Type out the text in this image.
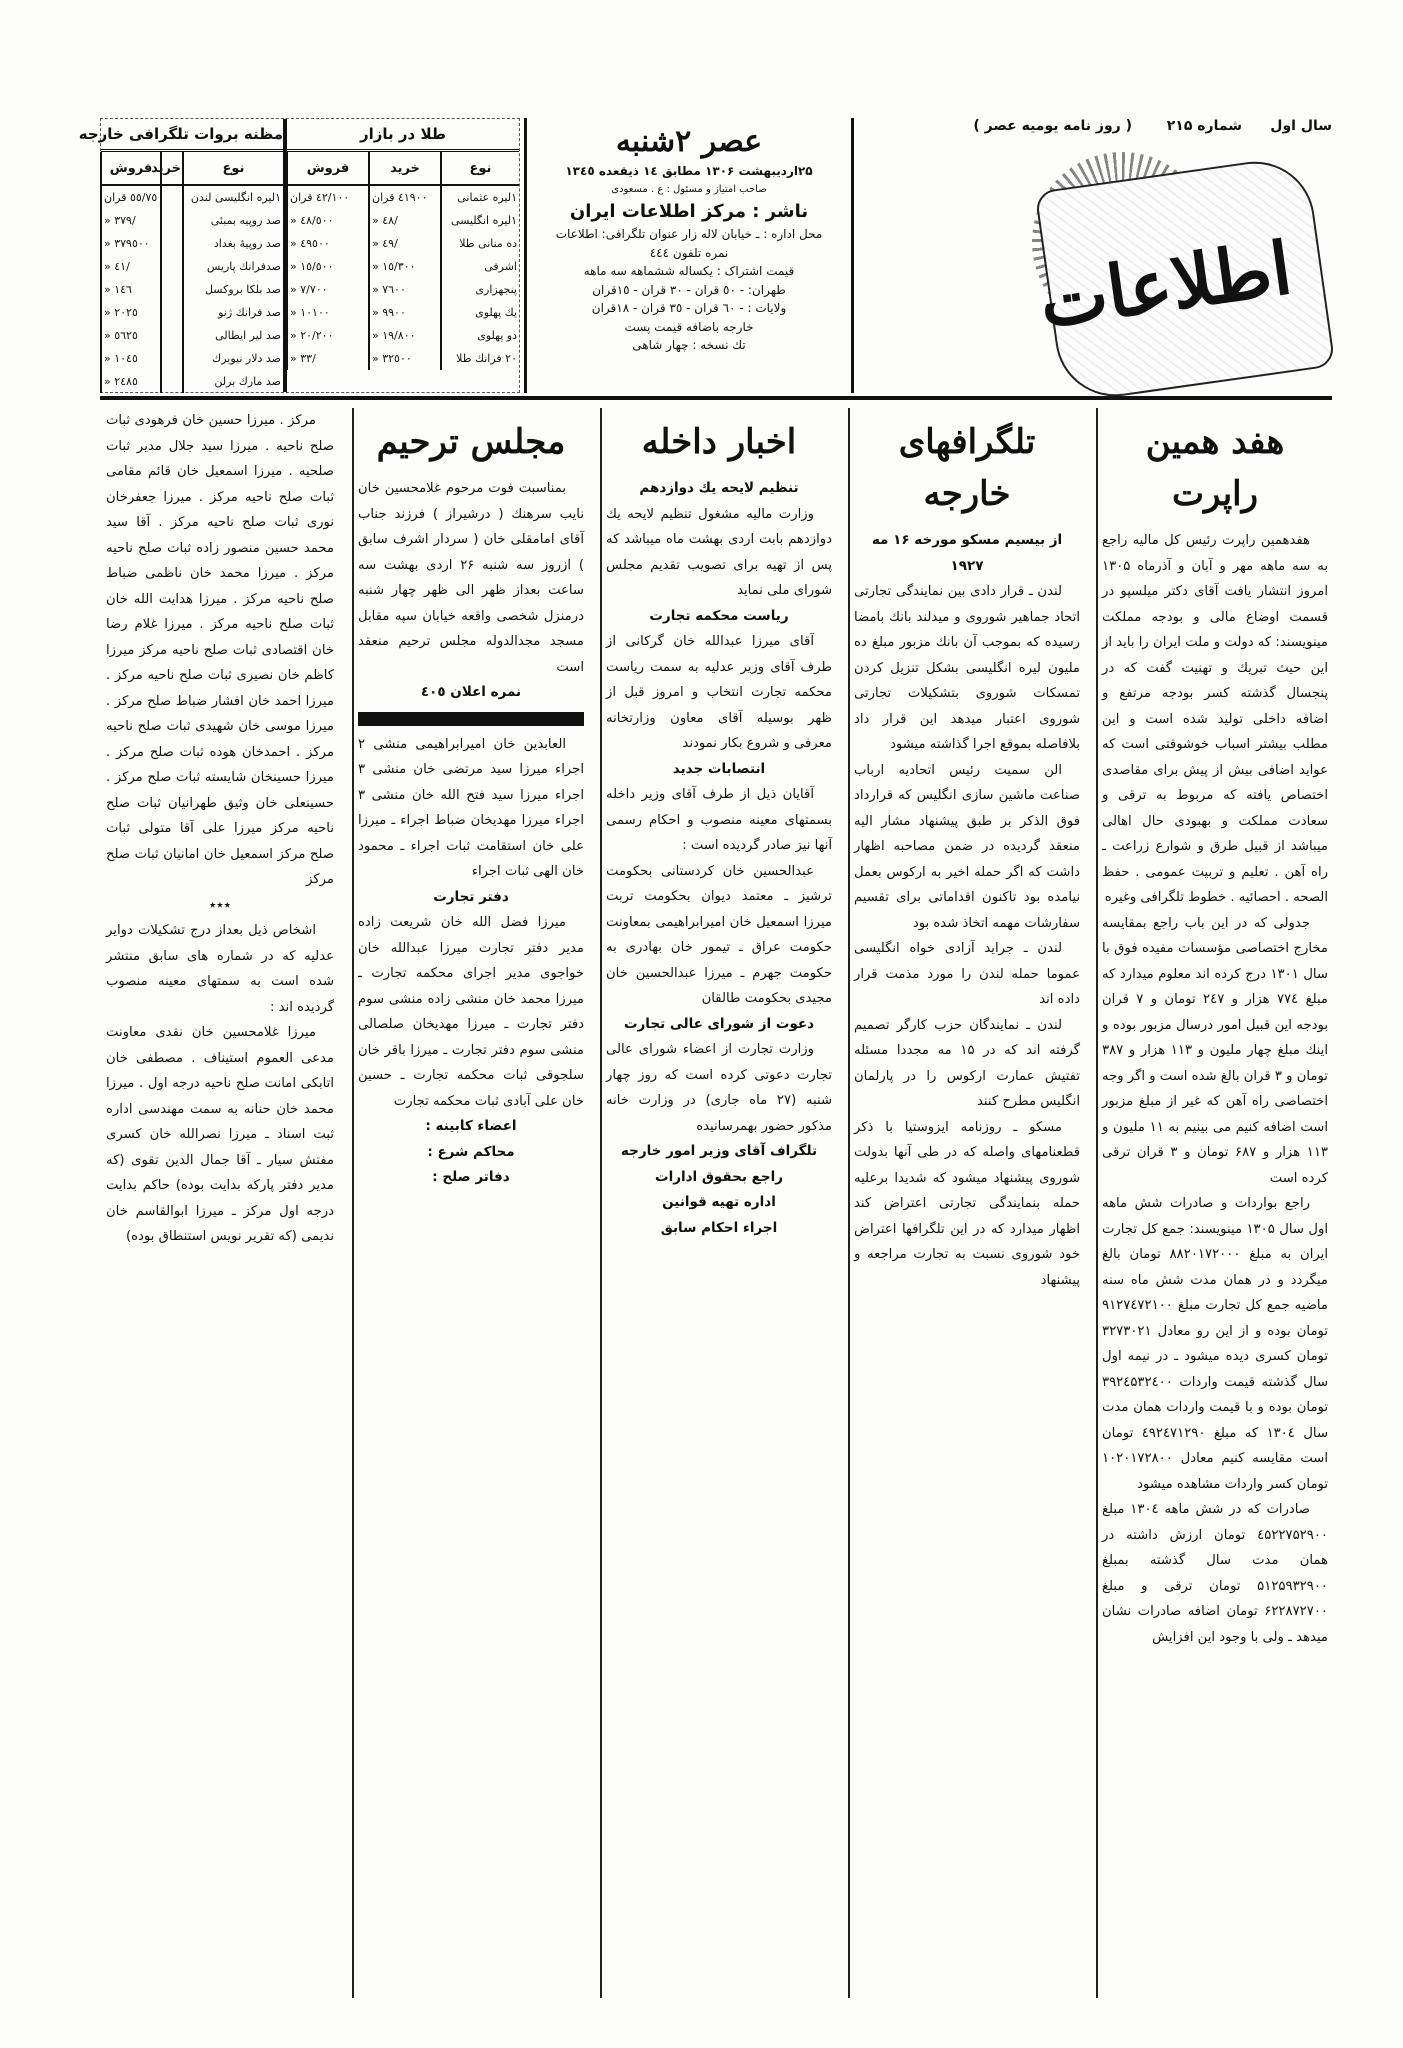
سال اول
شماره ۲۱۵
( روز نامه یومیه عصر )
اطلاعات
عصر ۲شنبه
۲۵اردیبهشت ۱۳۰۶ مطابق ۱٤ ذیقعده ۱۳٤٥
صاحب امتیاز و مسئول : ع . مسعودی
ناشر : مرکز اطلاعات ایران
محل اداره : ـ خیابان لاله زار عنوان تلگرافی: اطلاعات
نمره تلفون ٤٤٤
قیمت اشتراک : یکساله ششماهه سه ماهه
طهران: - ٥٠ قران - ٣٠ قران - ١٥قران
ولایات : - ٦٠ قران - ٣٥ قران - ١٨قران
خارجه باضافه قیمت پست
تك نسخه : چهار شاهی
طلا در بازار
نوع	خرید	فروش
۱لیره عثمانی	٤١٩٠٠ قران	٤٢/١٠٠ قران
۱لیره انگلیسی	» ٤٨/	» ٤٨/٥٠٠
ده منانی طلا	» ٤٩/	» ٤٩٥٠٠
اشرفی	» ١٥/٣٠٠	» ١٥/٥٠٠
پنجهزاری	» ٧٦٠٠	» ٧/٧٠٠
یك پهلوی	» ٩٩٠٠	» ١٠١٠٠
دو پهلوی	» ١٩/٨٠٠	» ٢٠/٢٠٠
٢٠ فرانك طلا	» ٣٢٥٠٠	» ٣٣/
مظنه بروات تلگرافی خارجه
نوع	خرید	فروش
۱لیره انگلیسی لندن		٥٥/٧٥ قران
صد روپیه بمبئی		» ٣٧٩/
صد روپیهٔ بغداد		» ٣٧٩٥٠٠
صدفرانك پاریس		» ٤١/
صد بلکا بروکسل		» ١٤٦
صد فرانك ژنو		» ٢٠٢٥
صد لیر ایطالی		» ٥٦٢٥
صد دلار نیویرك		» ١٠٤٥
صد مارك برلن		» ٢٤٨٥
هفد همین راپرت

هفدهمین راپرت رئیس کل مالیه راجع به سه ماهه مهر و آبان و آذرماه ۱۳۰۵ امروز انتشار یافت آقای دکتر میلسپو در قسمت اوضاع مالی و بودجه مملکت مینویسند: که دولت و ملت ایران را باید از این حیث تبریك و تهنیت گفت که در پنجسال گذشته کسر بودجه مرتفع و اضافه داخلی تولید شده است و این مطلب بیشتر اسباب خوشوقتی است که عواید اضافی بیش از پیش برای مقاصدی اختصاص یافته که مربوط به ترقی و سعادت مملکت و بهبودی حال اهالی میباشد از قبیل طرق و شوارع زراعت ـ راه آهن . تعلیم و تربیت عمومی . حفظ الصحه . احصائیه . خطوط تلگرافی وغیره

جدولی که در این باب راجع بمقایسه مخارج اختصاصی مؤسسات مفیده فوق با سال ۱۳۰۱ درج کرده اند معلوم میدارد که مبلغ ۷۷٤ هزار و ۲٤۷ تومان و ۷ قران بودجه این قبیل امور درسال مزبور بوده و اینك مبلغ چهار ملیون و ۱۱۳ هزار و ۳۸۷ تومان و ۳ قران بالغ شده است و اگر وجه اختصاصی راه آهن که غیر از مبلغ مزبور است اضافه کنیم می بینیم به ۱۱ ملیون و ۱۱۳ هزار و ۶۸۷ تومان و ۳ قران ترقی کرده است

راجع بواردات و صادرات شش ماهه اول سال ۱۳۰۵ مینویسند: جمع کل تجارت ایران به مبلغ ۸۸۲۰۱۷۲۰۰۰ تومان بالغ میگردد و در همان مدت شش ماه سنه ماضیه جمع کل تجارت مبلغ ۹۱۲۷٤۷۲۱۰۰ تومان بوده و از این رو معادل ۳۲۷۳۰۲۱ تومان کسری دیده میشود ـ در نیمه اول سال گذشته قیمت واردات ۳۹۲٤۵۳۲٤۰۰ تومان بوده و با قیمت واردات همان مدت سال ۱۳۰٤ که مبلغ ٤۹۲٤۷۱۲۹۰ تومان است مقایسه کنیم معادل ۱۰۲۰۱۷۲۸۰۰ تومان کسر واردات مشاهده میشود

صادرات که در شش ماهه ۱۳۰٤ مبلغ ٤۵۲۲۷۵۲۹۰۰ تومان ارزش داشته در همان مدت سال گذشته بمبلغ ۵۱۲۵۹۳۲۹۰۰ تومان ترقی و مبلغ ۶۲۲۸۷۲۷۰۰ تومان اضافه صادرات نشان میدهد ـ ولی با وجود این افزایش

تلگرافهای خارجه
از بیسیم مسکو مورخه ۱۶ مه ۱۹۲۷

لندن ـ قرار دادی بین نمایندگی تجارتی اتحاد جماهیر شوروی و میدلند بانك بامضا رسیده که بموجب آن بانك مزبور مبلغ ده ملیون لیره انگلیسی بشکل تنزیل کردن تمسکات شوروی بتشکیلات تجارتی شوروی اعتبار میدهد این قرار داد بلافاصله بموقع اجرا گذاشته میشود

الن سمیت رئیس اتحادیه ارباب صناعت ماشین سازی انگلیس که قرارداد فوق الذکر بر طبق پیشنهاد مشار الیه منعقد گردیده در ضمن مصاحبه اظهار داشت که اگر حمله اخیر به ارکوس بعمل نیامده بود تاکنون اقداماتی برای تقسیم سفارشات مهمه اتخاذ شده بود

لندن ـ جراید آزادی خواه انگلیسی عموما حمله لندن را مورد مذمت قرار داده اند

لندن ـ نمایندگان حزب کارگر تصمیم گرفته اند که در ۱۵ مه مجددا مسئله تفتیش عمارت ارکوس را در پارلمان انگلیس مطرح کنند

مسکو ـ روزنامه ایزوستیا با ذکر قطعنامهای واصله که در طی آنها بدولت شوروی پیشنهاد میشود که شدیدا برعلیه حمله بنمایندگی تجارتی اعتراض کند اظهار میدارد که در این تلگرافها اعتراض خود شوروی نسبت به تجارت مراجعه و پیشنهاد

اخبار داخله
تنظیم لایحه یك دوازدهم

وزارت مالیه مشغول تنظیم لایحه یك دوازدهم بابت اردی بهشت ماه میباشد که پس از تهیه برای تصویب تقدیم مجلس شورای ملی نماید

ریاست محکمه تجارت

آقای میرزا عبدالله خان گرکانی از طرف آقای وزیر عدلیه به سمت ریاست محکمه تجارت انتخاب و امروز قبل از ظهر بوسیله آقای معاون وزارتخانه معرفی و شروع بکار نمودند

انتصابات جدید

آقایان ذیل از طرف آقای وزیر داخله بسمتهای معینه منصوب و احکام رسمی آنها نیز صادر گردیده است :

عبدالحسین خان کردستانی بحکومت ترشیز ـ معتمد دیوان بحکومت تربت میرزا اسمعیل خان امیرابراهیمی بمعاونت حکومت عراق ـ تیمور خان بهادری به حکومت جهرم ـ میرزا عبدالحسین خان مجیدی بحکومت طالقان

دعوت از شورای عالی تجارت

وزارت تجارت از اعضاء شورای عالی تجارت دعوتی کرده است که روز چهار شنبه (۲۷ ماه جاری) در وزارت خانه مذکور حضور بهمرسانیده

تلگراف آقای وزیر امور خارجه
راجع بحقوق ادارات
اداره تهیه قوانین
اجراء احکام سابق
مجلس ترحیم

بمناسبت فوت مرحوم غلامحسین خان نایب سرهنك ( درشیراز ) فرزند جناب آقای امامقلی خان ( سردار اشرف سابق ) ازروز سه شنبه ۲۶ اردی بهشت سه ساعت بعداز ظهر الی ظهر چهار شنبه درمنزل شخصی واقعه خیابان سپه مقابل مسجد مجدالدوله مجلس ترحیم منعقد است

نمره اعلان ٤٠٥

العابدین خان امیرابراهیمی منشی ۲ اجراء میرزا سید مرتضی خان منشی ۳ اجراء میرزا سید فتح الله خان منشی ۳ اجراء میرزا مهدیخان ضباط اجراء ـ میرزا علی خان استقامت ثبات اجراء ـ محمود خان الهی ثبات اجراء

دفتر تجارت

میرزا فضل الله خان شریعت زاده مدیر دفتر تجارت میرزا عبدالله خان خواجوی مدیر اجرای محکمه تجارت ـ میرزا محمد خان منشی زاده منشی سوم دفتر تجارت ـ میرزا مهدیخان صلصالی منشی سوم دفتر تجارت ـ میرزا باقر خان سلجوقی ثبات محکمه تجارت ـ حسین خان علی آبادی ثبات محکمه تجارت

اعضاء کابینه :
محاکم شرع :
دفاتر صلح :

مرکز . میرزا حسین خان فرهودی ثبات صلح ناحیه . میرزا سید جلال مدیر ثبات صلحیه . میرزا اسمعیل خان قائم مقامی ثبات صلح ناحیه مرکز . میرزا جعفرخان نوری ثبات صلح ناحیه مرکز . آقا سید محمد حسین منصور زاده ثبات صلح ناحیه مرکز . میرزا محمد خان ناظمی ضباط صلح ناحیه مرکز . میرزا هدایت الله خان ثبات صلح ناحیه مرکز . میرزا غلام رضا خان اقتصادی ثبات صلح ناحیه مرکز میرزا کاظم خان نصیری ثبات صلح ناحیه مرکز . میرزا احمد خان افشار ضباط صلح مرکز . میرزا موسی خان شهیدی ثبات صلح ناحیه مرکز . احمدخان هوده ثبات صلح مرکز . میرزا حسینخان شایسته ثبات صلح مرکز . حسینعلی خان وثیق طهرانیان ثبات صلح ناحیه مرکز میرزا علی آقا متولی ثبات صلح مرکز اسمعیل خان امانیان ثبات صلح مرکز

٭٭٭

اشخاص ذیل بعداز درج تشکیلات دوایر عدلیه که در شماره های سابق منتشر شده است به سمتهای معینه منصوب گردیده اند :

میرزا غلامحسین خان نقدی معاونت مدعی العموم استیناف . مصطفی خان اتابکی امانت صلح ناحیه درجه اول . میرزا محمد خان حنانه به سمت مهندسی اداره ثبت اسناد ـ میرزا نصرالله خان کسری مفتش سیار ـ آقا جمال الدین تقوی (که مدیر دفتر پارکه بدایت بوده) حاکم بدایت درجه اول مرکز ـ میرزا ابوالقاسم خان ندیمی (که تقریر نویس استنطاق بوده)
